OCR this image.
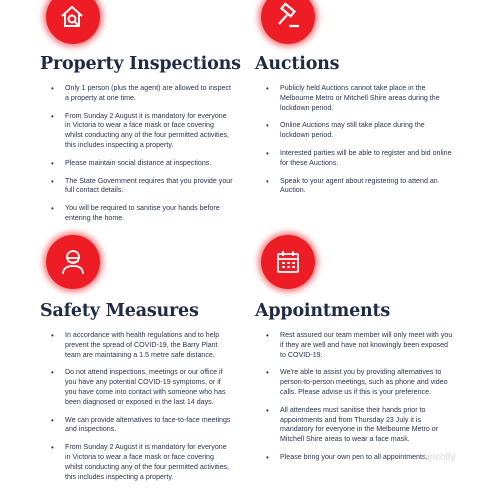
Property Inspections
• Only 1 person (plus the agent) are allowed to inspect a property at one time.
• From Sunday 2 August it is mandatory for everyone in Victoria to wear a face mask or face covering whilst conducting any of the four permitted activities, this includes inspecting a property.
• Please maintain social distance at inspections.
• The State Government requires that you provide your full contact details.
• You will be required to sanitise your hands before entering the home.
Auctions
• Publicly held Auctions cannot take place in the Melbourne Metro or Mitchell Shire areas during the lockdown period.
• Online Auctions may still take place during the lockdown period.
• Interested parties will be able to register and bid online for these Auctions.
• Speak to your agent about registering to attend an Auction.
Safety Measures
• In accordance with health regulations and to help prevent the spread of COVID-19, the Barry Plant team are maintaining a 1.5 metre safe distance.
• Do not attend inspections, meetings or our office if you have any potential COVID-19 symptoms, or if you have come into contact with someone who has been diagnosed or exposed in the last 14 days.
• We can provide alternatives to face-to-face meetings and inspections.
• From Sunday 2 August it is mandatory for everyone in Victoria to wear a face mask or face covering whilst conducting any of the four permitted activities, this includes inspecting a property.
Appointments
• Rest assured our team member will only meet with you if they are well and have not knowingly been exposed to COVID-19.
• We're able to assist you by providing alternatives to person-to-person meetings, such as phone and video calls. Please advise us if this is your preference.
• All attendees must sanitise their hands prior to appointments and from Thursday 23 July it is mandatory for everyone in the Melbourne Metro or Mitchell Shire areas to wear a face mask.
• Please bring your own pen to all appointments.
bricolty
